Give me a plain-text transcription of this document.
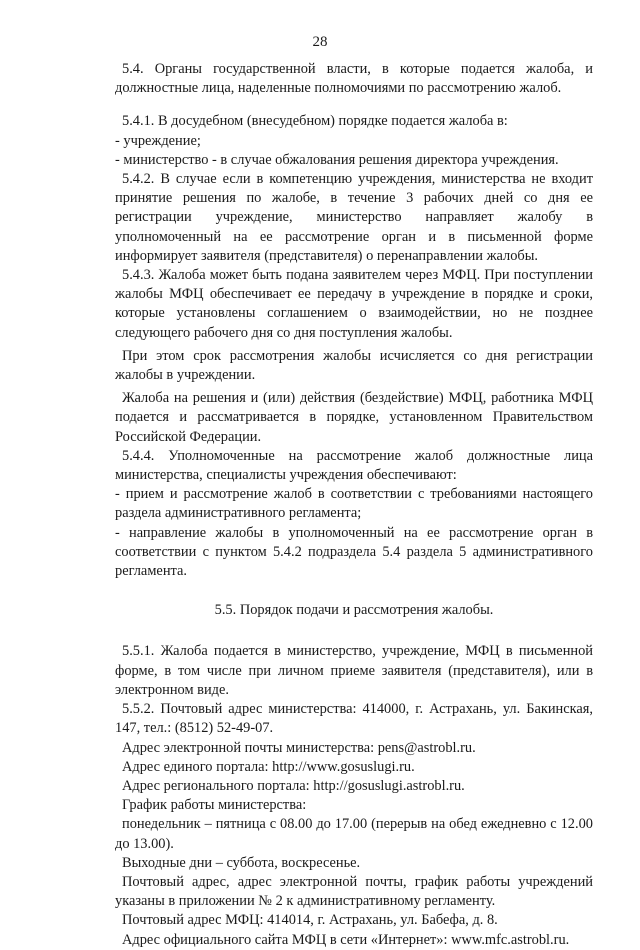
28

5.4. Органы государственной власти, в которые подается жалоба, и должностные лица, наделенные полномочиями по рассмотрению жалоб.

5.4.1. В досудебном (внесудебном) порядке подается жалоба в:

- учреждение;

- министерство - в случае обжалования решения директора учреждения.

5.4.2. В случае если в компетенцию учреждения, министерства не входит принятие решения по жалобе, в течение 3 рабочих дней со дня ее регистрации учреждение, министерство направляет жалобу в уполномоченный на ее рассмотрение орган и в письменной форме информирует заявителя (представителя) о перенаправлении жалобы.

5.4.3. Жалоба может быть подана заявителем через МФЦ. При поступлении жалобы МФЦ обеспечивает ее передачу в учреждение в порядке и сроки, которые установлены соглашением о взаимодействии, но не позднее следующего рабочего дня со дня поступления жалобы.

При этом срок рассмотрения жалобы исчисляется со дня регистрации жалобы в учреждении.

Жалоба на решения и (или) действия (бездействие) МФЦ, работника МФЦ подается и рассматривается в порядке, установленном Правительством Российской Федерации.

5.4.4. Уполномоченные на рассмотрение жалоб должностные лица министерства, специалисты учреждения обеспечивают:

- прием и рассмотрение жалоб в соответствии с требованиями настоящего раздела административного регламента;

- направление жалобы в уполномоченный на ее рассмотрение орган в соответствии с пунктом 5.4.2 подраздела 5.4 раздела 5 административного регламента.

5.5. Порядок подачи и рассмотрения жалобы.

5.5.1. Жалоба подается в министерство, учреждение, МФЦ в письменной форме, в том числе при личном приеме заявителя (представителя), или в электронном виде.

5.5.2. Почтовый адрес министерства: 414000, г. Астрахань, ул. Бакинская, 147, тел.: (8512) 52-49-07.

Адрес электронной почты министерства: pens@astrobl.ru.

Адрес единого портала: http://www.gosuslugi.ru.

Адрес регионального портала: http://gosuslugi.astrobl.ru.

График работы министерства:

понедельник – пятница с 08.00 до 17.00 (перерыв на обед ежедневно с 12.00 до 13.00).

Выходные дни – суббота, воскресенье.

Почтовый адрес, адрес электронной почты, график работы учреждений указаны в приложении № 2 к административному регламенту.

Почтовый адрес МФЦ: 414014, г. Астрахань, ул. Бабефа, д. 8.

Адрес официального сайта МФЦ в сети «Интернет»: www.mfc.astrobl.ru.
